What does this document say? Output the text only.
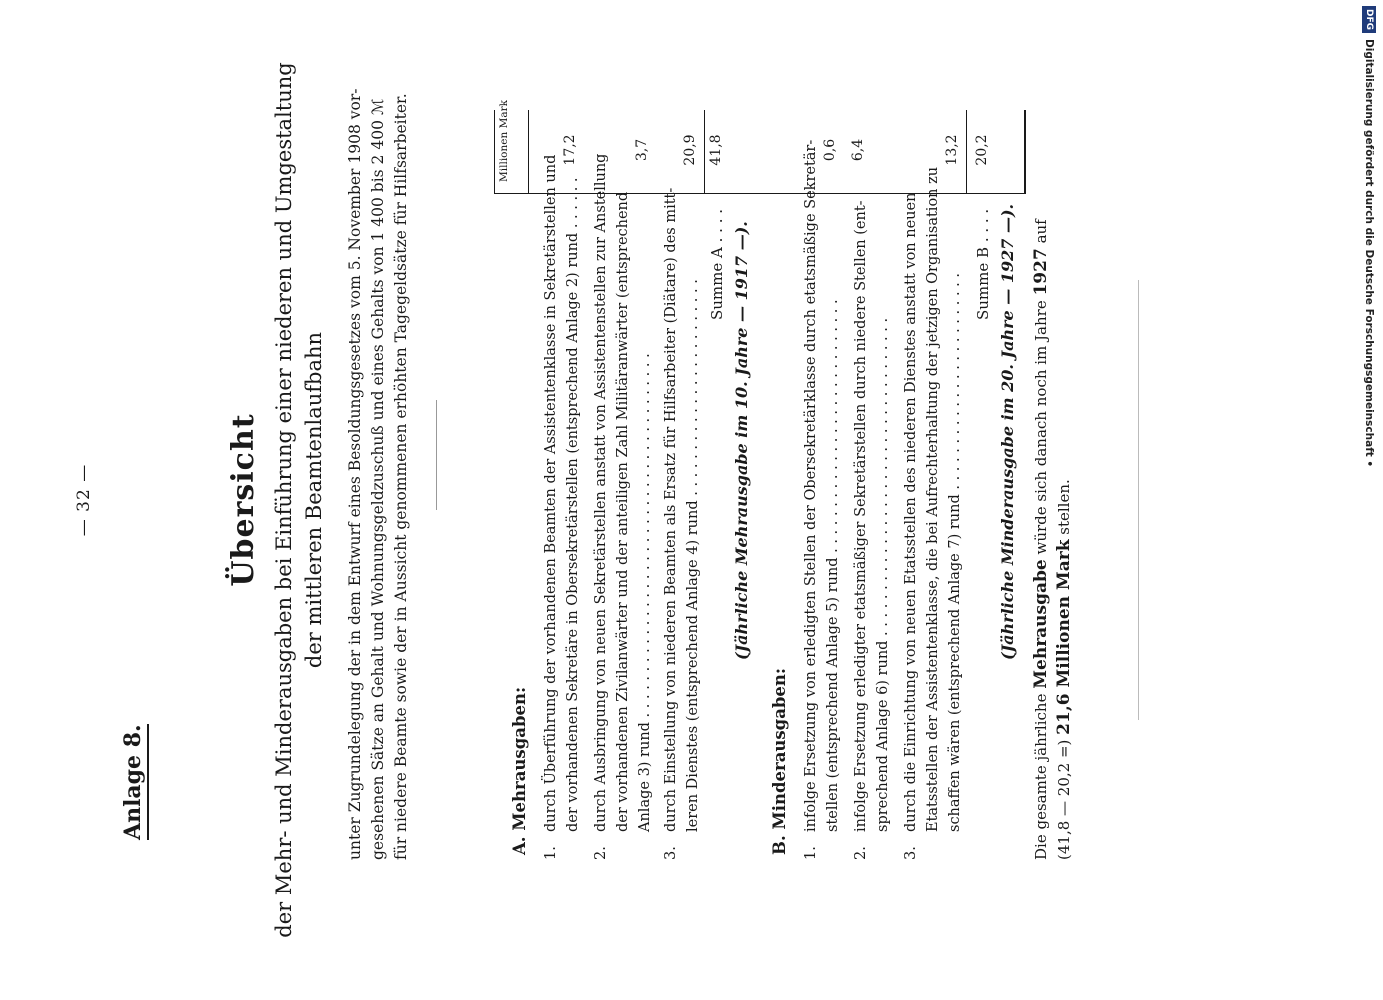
— 32 —
Anlage 8.
Übersicht der Mehr- und Minderausgaben bei Einführung einer niederen und Umgestaltung der mittleren Beamtenlaufbahn unter Zugrundelegung der in dem Entwurf eines Besoldungsgesetzes vom 5. November 1908 vor- gesehenen Sätze an Gehalt und Wohnungsgeldzuschuß und eines Gehalts von 1 400 bis 2 400 ℳ für niedere Beamte sowie der in Aussicht genommenen erhöhten Tagegeldsätze für Hilfsarbeiter.	Millionen Mark
A. Mehrausgaben: 1.
durch Überführung der vorhandenen Beamten der Assistentenklasse in Sekretärstellen und der vorhandenen Sekretäre in Obersekretärstellen (entsprechend Anlage 2) rund . . . . . .
17,2
2.
durch Ausbringung von neuen Sekretärstellen anstatt von Assistentenstellen zur Anstellung der vorhandenen Zivilanwärter und der anteiligen Zahl Militäranwärter (entsprechend Anlage 3) rund . . . . . . . . . . . . . . . . . . . . . . . . . . . . . . . . . . . . . . . .
3,7
3.
durch Einstellung von niederen Beamten als Ersatz für Hilfsarbeiter (Diätare) des mitt- leren Dienstes (entsprechend Anlage 4) rund . . . . . . . . . . . . . . . . . . . . . . . .
20,9
Summe A . . . .
41,8
(Jährliche Mehrausgabe im 10. Jahre — 1917 —).
B. Minderausgaben: 1.
infolge Ersetzung von erledigten Stellen der Obersekretärklasse durch etatsmäßige Sekretär- stellen (entsprechend Anlage 5) rund . . . . . . . . . . . . . . . . . . . . . . . . . . . .
0,6
2.
infolge Ersetzung erledigter etatsmäßiger Sekretärstellen durch niedere Stellen (ent- sprechend Anlage 6) rund . . . . . . . . . . . . . . . . . . . . . . . . . . . . . . . . . . .
6,4
3.
durch die Einrichtung von neuen Etatsstellen des niederen Dienstes anstatt von neuen Etatsstellen der Assistentenklasse, die bei Aufrechterhaltung der jetzigen Organisation zu schaffen wären (entsprechend Anlage 7) rund . . . . . . . . . . . . . . . . . . . . . . . .
13,2
Summe B . . . .
20,2
(Jährliche Minderausgabe im 20. Jahre — 1927 —).
Die gesamte jährliche Mehrausgabe würde sich danach noch im Jahre 1927 auf
(41,8 — 20,2 =) 21,6 Millionen Mark stellen.
DFGDigitalisierung gefördert durch die Deutsche Forschungsgemeinschaft •
